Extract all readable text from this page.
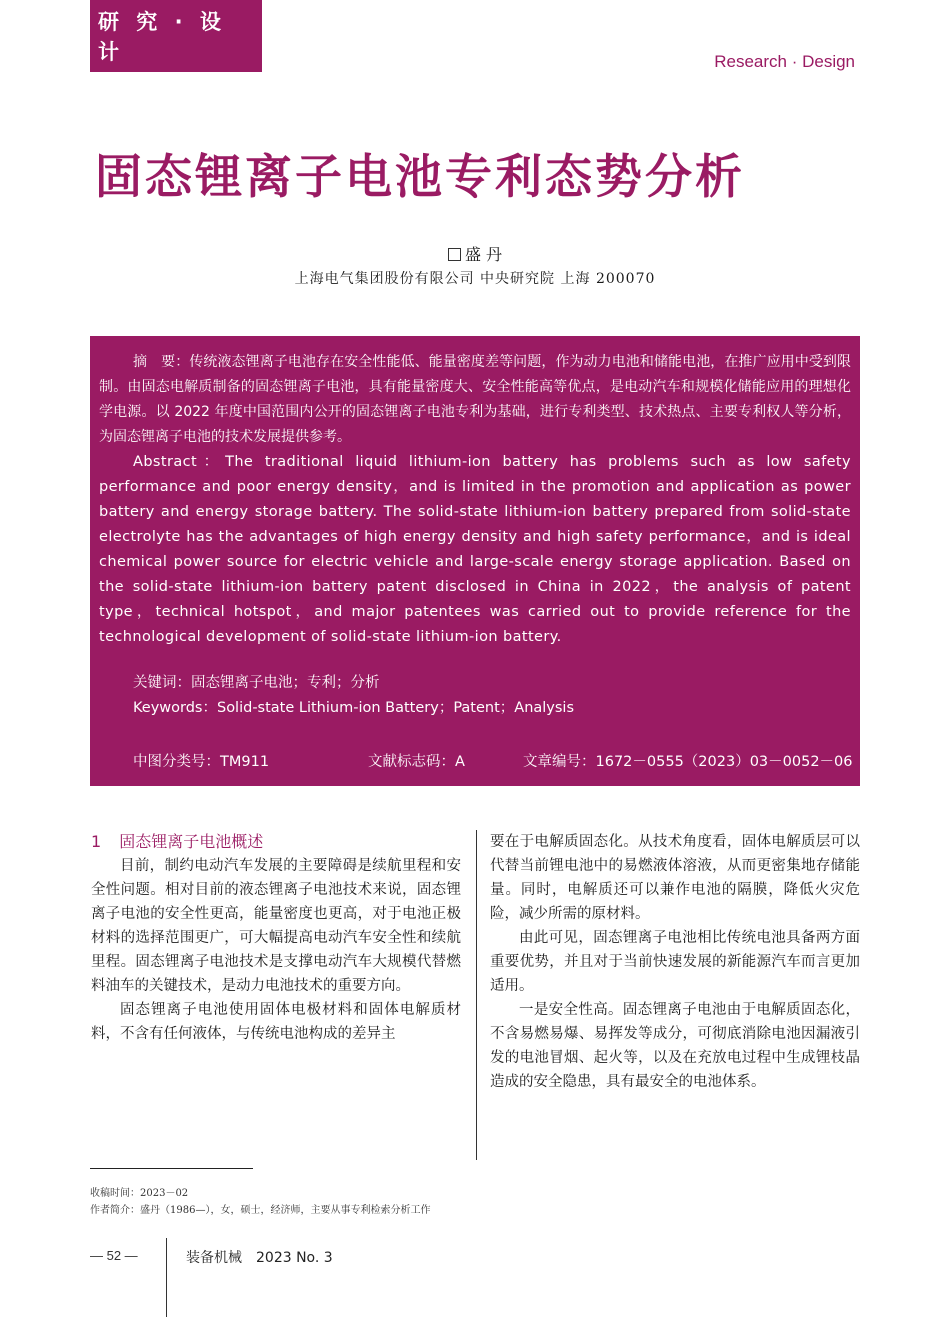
研 究 · 设 计	Research · Design
固态锂离子电池专利态势分析
盛 丹
上海电气集团股份有限公司 中央研究院 上海 200070

摘　要：传统液态锂离子电池存在安全性能低、能量密度差等问题，作为动力电池和储能电池，在推广应用中受到限制。由固态电解质制备的固态锂离子电池，具有能量密度大、安全性能高等优点，是电动汽车和规模化储能应用的理想化学电源。以 2022 年度中国范围内公开的固态锂离子电池专利为基础，进行专利类型、技术热点、主要专利权人等分析，为固态锂离子电池的技术发展提供参考。

Abstract：The traditional liquid lithium-ion battery has problems such as low safety performance and poor energy density，and is limited in the promotion and application as power battery and energy storage battery. The solid-state lithium-ion battery prepared from solid-state electrolyte has the advantages of high energy density and high safety performance，and is ideal chemical power source for electric vehicle and large-scale energy storage application. Based on the solid-state lithium-ion battery patent disclosed in China in 2022，the analysis of patent type，technical hotspot，and major patentees was carried out to provide reference for the technological development of solid-state lithium-ion battery.

关键词：固态锂离子电池；专利；分析
Keywords：Solid-state Lithium-ion Battery；Patent；Analysis
中图分类号：TM911	文献标志码：A	文章编号：1672－0555（2023）03－0052－06

1 固态锂离子电池概述

目前，制约电动汽车发展的主要障碍是续航里程和安全性问题。相对目前的液态锂离子电池技术来说，固态锂离子电池的安全性更高，能量密度也更高，对于电池正极材料的选择范围更广，可大幅提高电动汽车安全性和续航里程。固态锂离子电池技术是支撑电动汽车大规模代替燃料油车的关键技术，是动力电池技术的重要方向。

固态锂离子电池使用固体电极材料和固体电解质材料，不含有任何液体，与传统电池构成的差异主

要在于电解质固态化。从技术角度看，固体电解质层可以代替当前锂电池中的易燃液体溶液，从而更密集地存储能量。同时，电解质还可以兼作电池的隔膜，降低火灾危险，减少所需的原材料。

由此可见，固态锂离子电池相比传统电池具备两方面重要优势，并且对于当前快速发展的新能源汽车而言更加适用。

一是安全性高。固态锂离子电池由于电解质固态化，不含易燃易爆、易挥发等成分，可彻底消除电池因漏液引发的电池冒烟、起火等，以及在充放电过程中生成锂枝晶造成的安全隐患，具有最安全的电池体系。

收稿时间：2023－02
作者简介：盛丹（1986—），女，硕士，经济师，主要从事专利检索分析工作
— 52 —	装备机械　2023 No. 3
